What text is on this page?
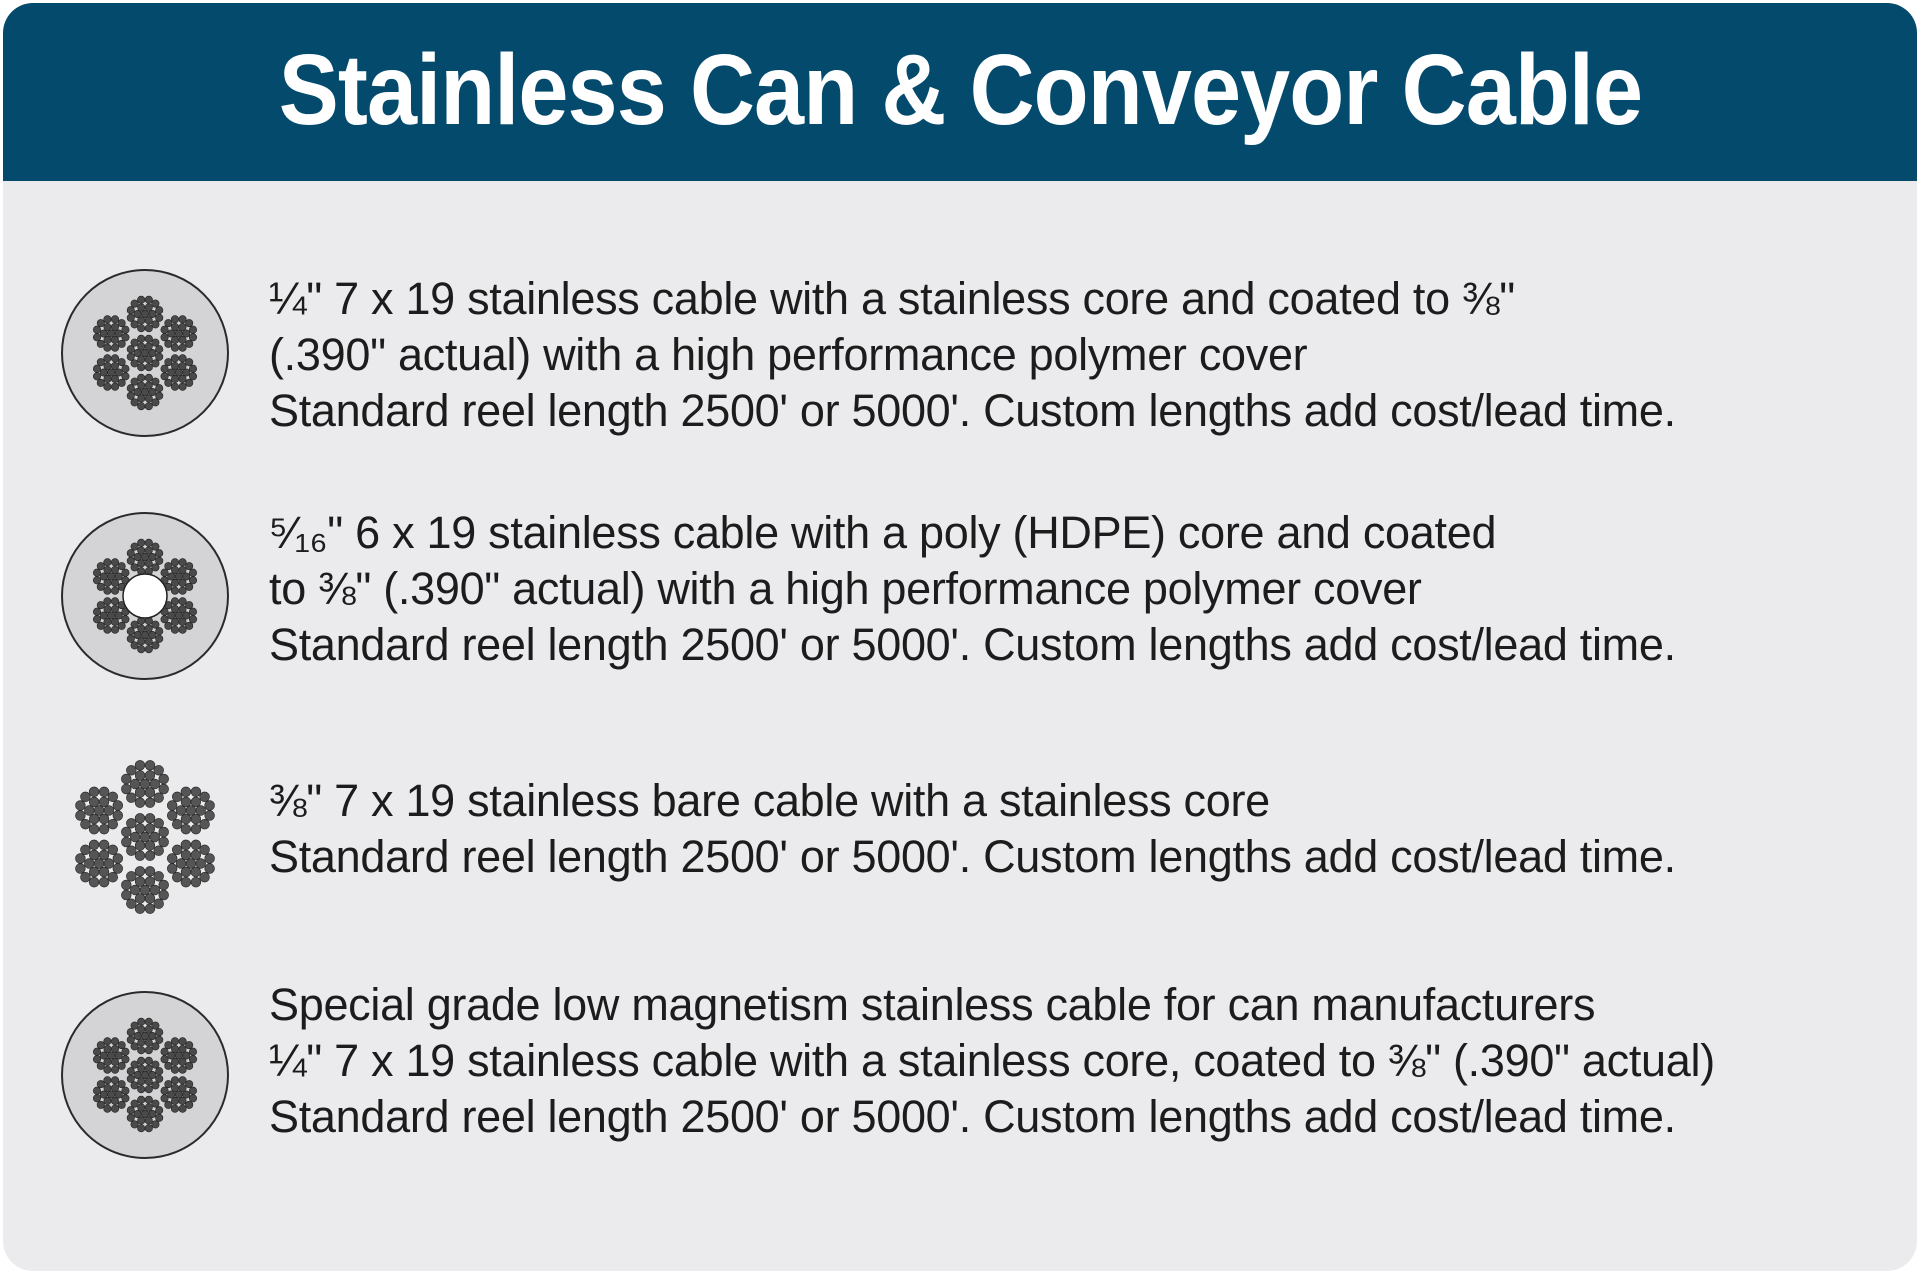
Stainless Can & Conveyor Cable
¼" 7 x 19 stainless cable with a stainless core and coated to ⅜"
(.390" actual) with a high performance polymer cover
Standard reel length 2500' or 5000'. Custom lengths add cost/lead time.
⁵⁄₁₆" 6 x 19 stainless cable with a poly (HDPE) core and coated
to ⅜" (.390" actual) with a high performance polymer cover
Standard reel length 2500' or 5000'. Custom lengths add cost/lead time.
⅜" 7 x 19 stainless bare cable with a stainless core
Standard reel length 2500' or 5000'. Custom lengths add cost/lead time.
Special grade low magnetism stainless cable for can manufacturers
¼" 7 x 19 stainless cable with a stainless core, coated to ⅜" (.390" actual)
Standard reel length 2500' or 5000'. Custom lengths add cost/lead time.
